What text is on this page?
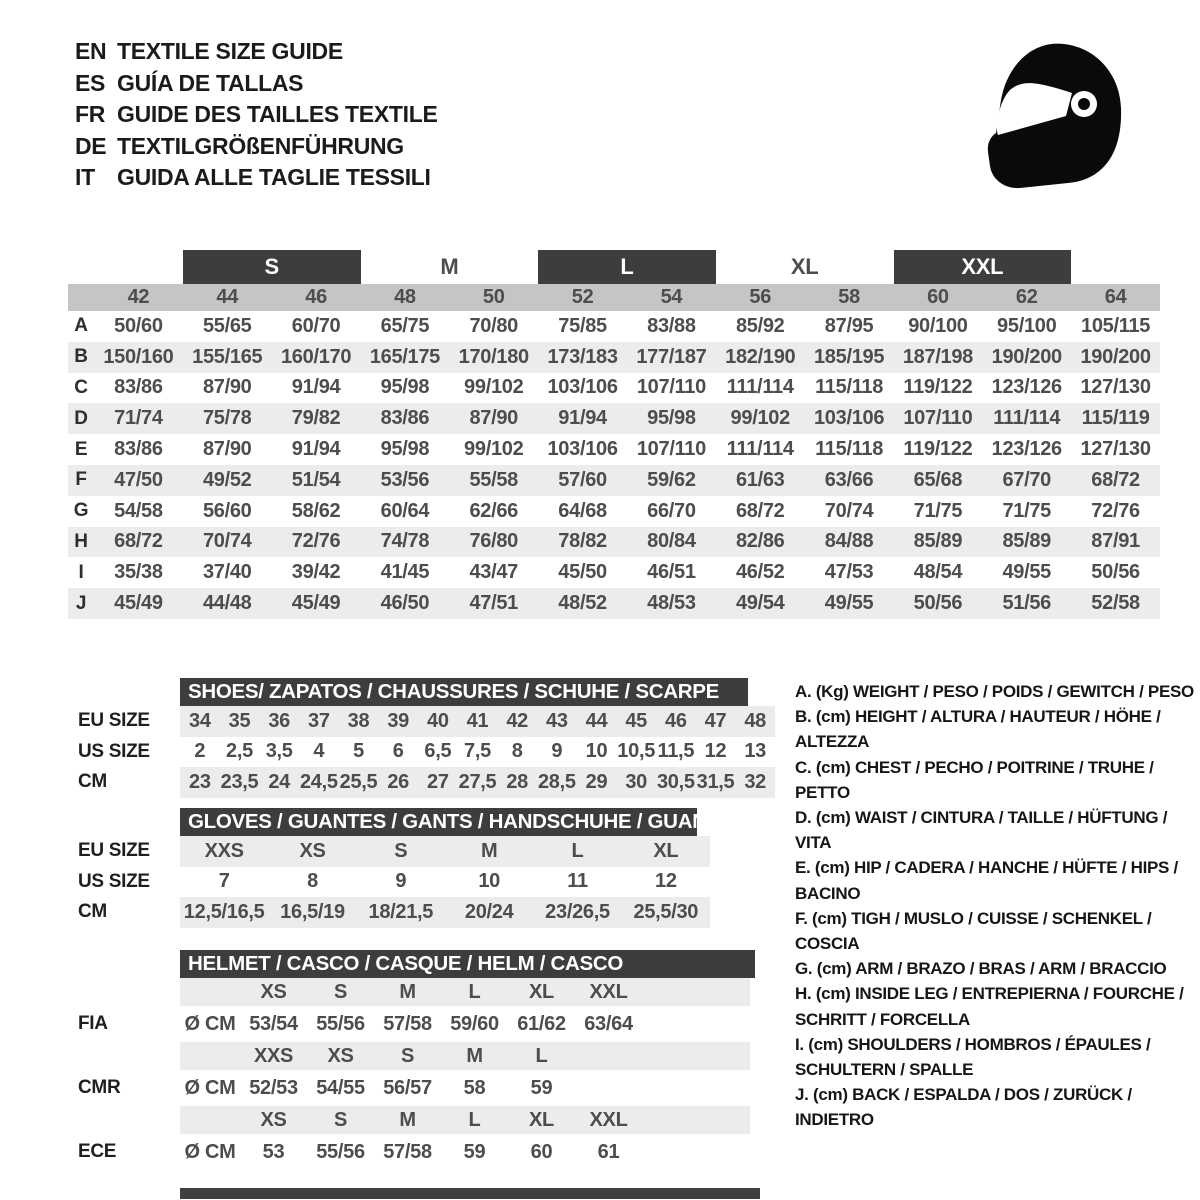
EN TEXTILE SIZE GUIDE
ES GUÍA DE TALLAS
FR GUIDE DES TAILLES TEXTILE
DE TEXTILGRÖßENFÜHRUNG
IT GUIDA ALLE TAGLIE TESSILI
S	M	L	XL	XXL
42	44	46	48	50	52	54	56	58	60	62	64
A	50/60	55/65	60/70	65/75	70/80	75/85	83/88	85/92	87/95	90/100	95/100	105/115
B 150/160 155/165 160/170 165/175 170/180 173/183 177/187 182/190 185/195 187/198 190/200 190/200
C	83/86	87/90	91/94	95/98	99/102	103/106 107/110	111/114	115/118	119/122 123/126 127/130
D	71/74	75/78	79/82	83/86	87/90	91/94	95/98	99/102	103/106 107/110	111/114	115/119
E	83/86	87/90	91/94	95/98	99/102	103/106 107/110	111/114	115/118	119/122 123/126 127/130
F	47/50	49/52	51/54	53/56	55/58	57/60	59/62	61/63	63/66	65/68	67/70	68/72
G	54/58	56/60	58/62	60/64	62/66	64/68	66/70	68/72	70/74	71/75	71/75	72/76
H	68/72	70/74	72/76	74/78	76/80	78/82	80/84	82/86	84/88	85/89	85/89	87/91
I	35/38	37/40	39/42	41/45	43/47	45/50	46/51	46/52	47/53	48/54	49/55	50/56
J	45/49	44/48	45/49	46/50	47/51	48/52	48/53	49/54	49/55	50/56	51/56	52/58
SHOES/ ZAPATOS / CHAUSSURES / SCHUHE / SCARPE
EU SIZE	34 35 36 37 38 39 40 41 42 43 44 45 46 47 48
US SIZE	2	2,5 3,5	4	5	6	6,5 7,5	8	9	10 10,5 11,5 12 13
CM	23 23,5 24 24,5 25,5 26 27 27,5 28 28,5 29 30 30,5 31,5 32
GLOVES / GUANTES / GANTS / HANDSCHUHE / GUANTI
EU SIZE	XXS	XS	S	M	L	XL
US SIZE	7	8	9	10	11	12
CM	12,5/16,5 16,5/19	18/21,5	20/24	23/26,5	25,5/30
HELMET / CASCO / CASQUE / HELM / CASCO
XS	S	M	L	XL	XXL
FIA	Ø CM 53/54 55/56 57/58 59/60 61/62 63/64
XXS	XS	S	M	L
CMR	Ø CM 52/53 54/55 56/57	58	59
XS	S	M	L	XL	XXL
ECE	Ø CM	53	55/56 57/58	59	60	61
A. (Kg) WEIGHT / PESO / POIDS / GEWITCH / PESO
B. (cm) HEIGHT / ALTURA / HAUTEUR / HÖHE / ALTEZZA
C. (cm) CHEST / PECHO / POITRINE / TRUHE / PETTO
D. (cm) WAIST / CINTURA / TAILLE / HÜFTUNG / VITA
E. (cm) HIP / CADERA / HANCHE / HÜFTE / HIPS / BACINO
F. (cm) TIGH / MUSLO / CUISSE / SCHENKEL / COSCIA
G. (cm) ARM / BRAZO / BRAS / ARM / BRACCIO
H. (cm) INSIDE LEG / ENTREPIERNA / FOURCHE / SCHRITT / FORCELLA
I. (cm) SHOULDERS / HOMBROS / ÉPAULES / SCHULTERN / SPALLE
J. (cm) BACK / ESPALDA / DOS / ZURÜCK / INDIETRO
